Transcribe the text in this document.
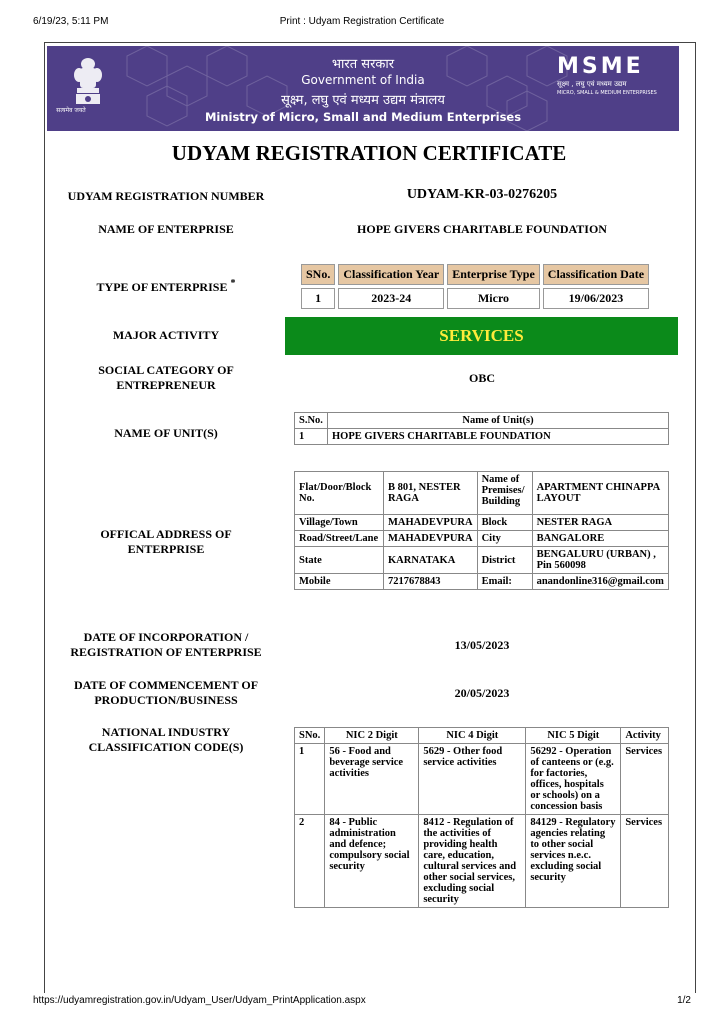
6/19/23, 5:11 PM	Print : Udyam Registration Certificate
सत्यमेव जयते
भारत सरकार
Government of India
सूक्ष्म, लघु एवं मध्यम उद्यम मंत्रालय
Ministry of Micro, Small and Medium Enterprises
MSME
सूक्ष्म , लघु एवं मध्यम उद्यम
MICRO, SMALL & MEDIUM ENTERPRISES
UDYAM REGISTRATION CERTIFICATE
UDYAM REGISTRATION NUMBER	UDYAM-KR-03-0276205
NAME OF ENTERPRISE	HOPE GIVERS CHARITABLE FOUNDATION
TYPE OF ENTERPRISE *
SNo.	Classification Year	Enterprise Type	Classification Date
1	2023-24	Micro	19/06/2023
MAJOR ACTIVITY	SERVICES
SOCIAL CATEGORY OF
ENTREPRENEUR	OBC
NAME OF UNIT(S)
S.No.	Name of Unit(s)
1	HOPE GIVERS CHARITABLE FOUNDATION
OFFICAL ADDRESS OF
ENTERPRISE
Flat/Door/Block No.	B 801, NESTER RAGA	Name of Premises/ Building	APARTMENT CHINAPPA LAYOUT
Village/Town	MAHADEVPURA	Block	NESTER RAGA
Road/Street/Lane	MAHADEVPURA	City	BANGALORE
State	KARNATAKA	District	BENGALURU (URBAN) , Pin 560098
Mobile	7217678843	Email:	anandonline316@gmail.com
DATE OF INCORPORATION /
REGISTRATION OF ENTERPRISE	13/05/2023
DATE OF COMMENCEMENT OF
PRODUCTION/BUSINESS	20/05/2023
NATIONAL INDUSTRY
CLASSIFICATION CODE(S)
SNo.	NIC 2 Digit	NIC 4 Digit	NIC 5 Digit	Activity
1	56 - Food and beverage service activities	5629 - Other food service activities	56292 - Operation of canteens or (e.g. for factories, offices, hospitals or schools) on a concession basis	Services
2	84 - Public administration and defence; compulsory social security	8412 - Regulation of the activities of providing health care, education, cultural services and other social services, excluding social security	84129 - Regulatory agencies relating to other social services n.e.c. excluding social security	Services
https://udyamregistration.gov.in/Udyam_User/Udyam_PrintApplication.aspx	1/2
